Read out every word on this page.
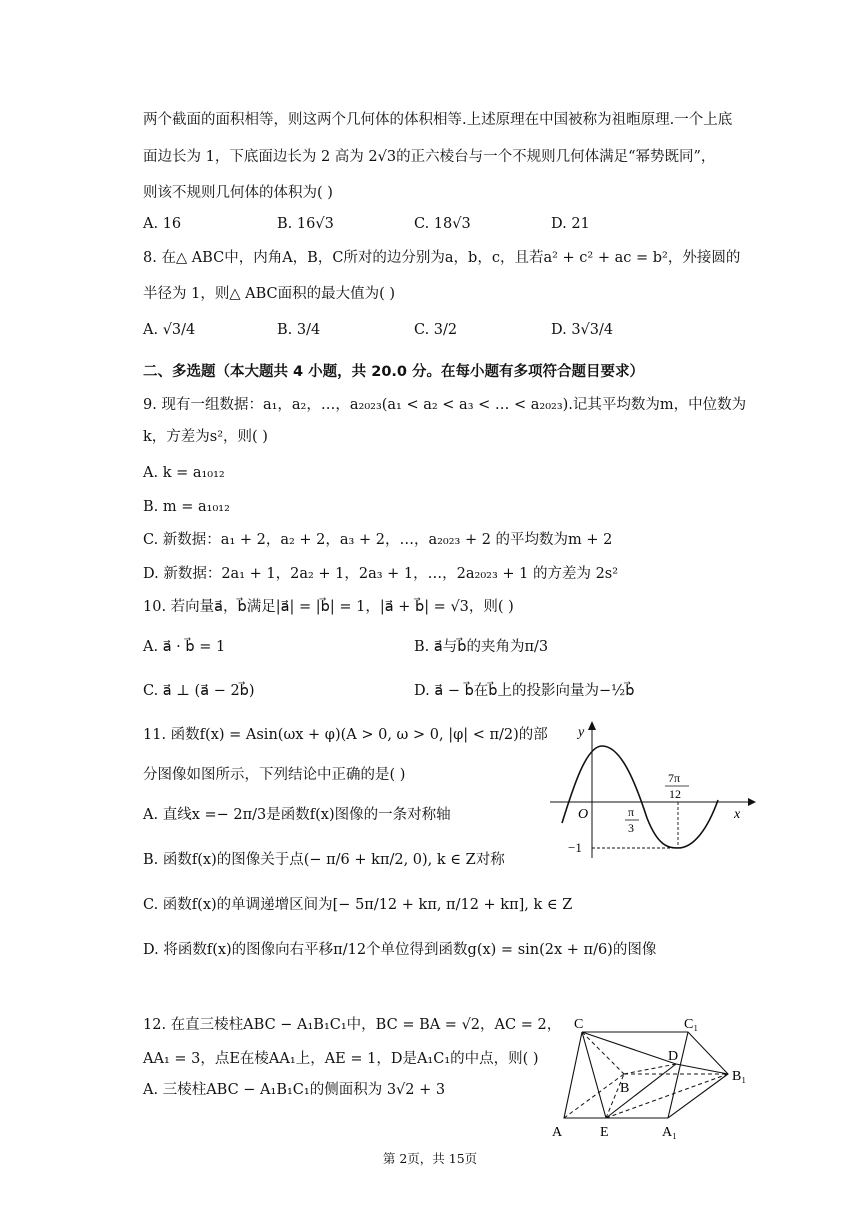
两个截面的面积相等，则这两个几何体的体积相等.上述原理在中国被称为祖暅原理.一个上底
面边长为 1，下底面边长为 2 高为 2√3的正六棱台与一个不规则几何体满足“幂势既同”，
则该不规则几何体的体积为( )
A. 16	B. 16√3	C. 18√3	D. 21
8. 在△ ABC中，内角A，B，C所对的边分别为a，b，c，且若a² + c² + ac = b²，外接圆的
半径为 1，则△ ABC面积的最大值为( )
A. √3/4	B. 3/4	C. 3/2	D. 3√3/4
二、多选题（本大题共 4 小题，共 20.0 分。在每小题有多项符合题目要求）
9. 现有一组数据：a₁，a₂，…，a₂₀₂₃(a₁ < a₂ < a₃ < … < a₂₀₂₃).记其平均数为m，中位数为
k，方差为s²，则( )
A. k = a₁₀₁₂
B. m = a₁₀₁₂
C. 新数据：a₁ + 2，a₂ + 2，a₃ + 2，…，a₂₀₂₃ + 2 的平均数为m + 2
D. 新数据：2a₁ + 1，2a₂ + 1，2a₃ + 1，…，2a₂₀₂₃ + 1 的方差为 2s²
10. 若向量a⃗，b⃗满足|a⃗| = |b⃗| = 1，|a⃗ + b⃗| = √3，则( )
A. a⃗ · b⃗ = 1	B. a⃗与b⃗的夹角为π/3
C. a⃗ ⊥ (a⃗ − 2b⃗)	D. a⃗ − b⃗在b⃗上的投影向量为−½b⃗
11. 函数f(x) = Asin(ωx + φ)(A > 0, ω > 0, |φ| < π/2)的部
分图像如图所示，下列结论中正确的是( )
A. 直线x =− 2π/3是函数f(x)图像的一条对称轴
B. 函数f(x)的图像关于点(− π/6 + kπ/2, 0), k ∈ Z对称
C. 函数f(x)的单调递增区间为[− 5π/12 + kπ, π/12 + kπ], k ∈ Z
D. 将函数f(x)的图像向右平移π/12个单位得到函数g(x) = sin(2x + π/6)的图像
y
x
O	π
3
7π
12
−1
12. 在直三棱柱ABC − A₁B₁C₁中，BC = BA = √2，AC = 2，
AA₁ = 3，点E在棱AA₁上，AE = 1，D是A₁C₁的中点，则( )
A. 三棱柱ABC − A₁B₁C₁的侧面积为 3√2 + 3
C	C₁
D
B
B₁
A	E	A₁
第 2页，共 15页
